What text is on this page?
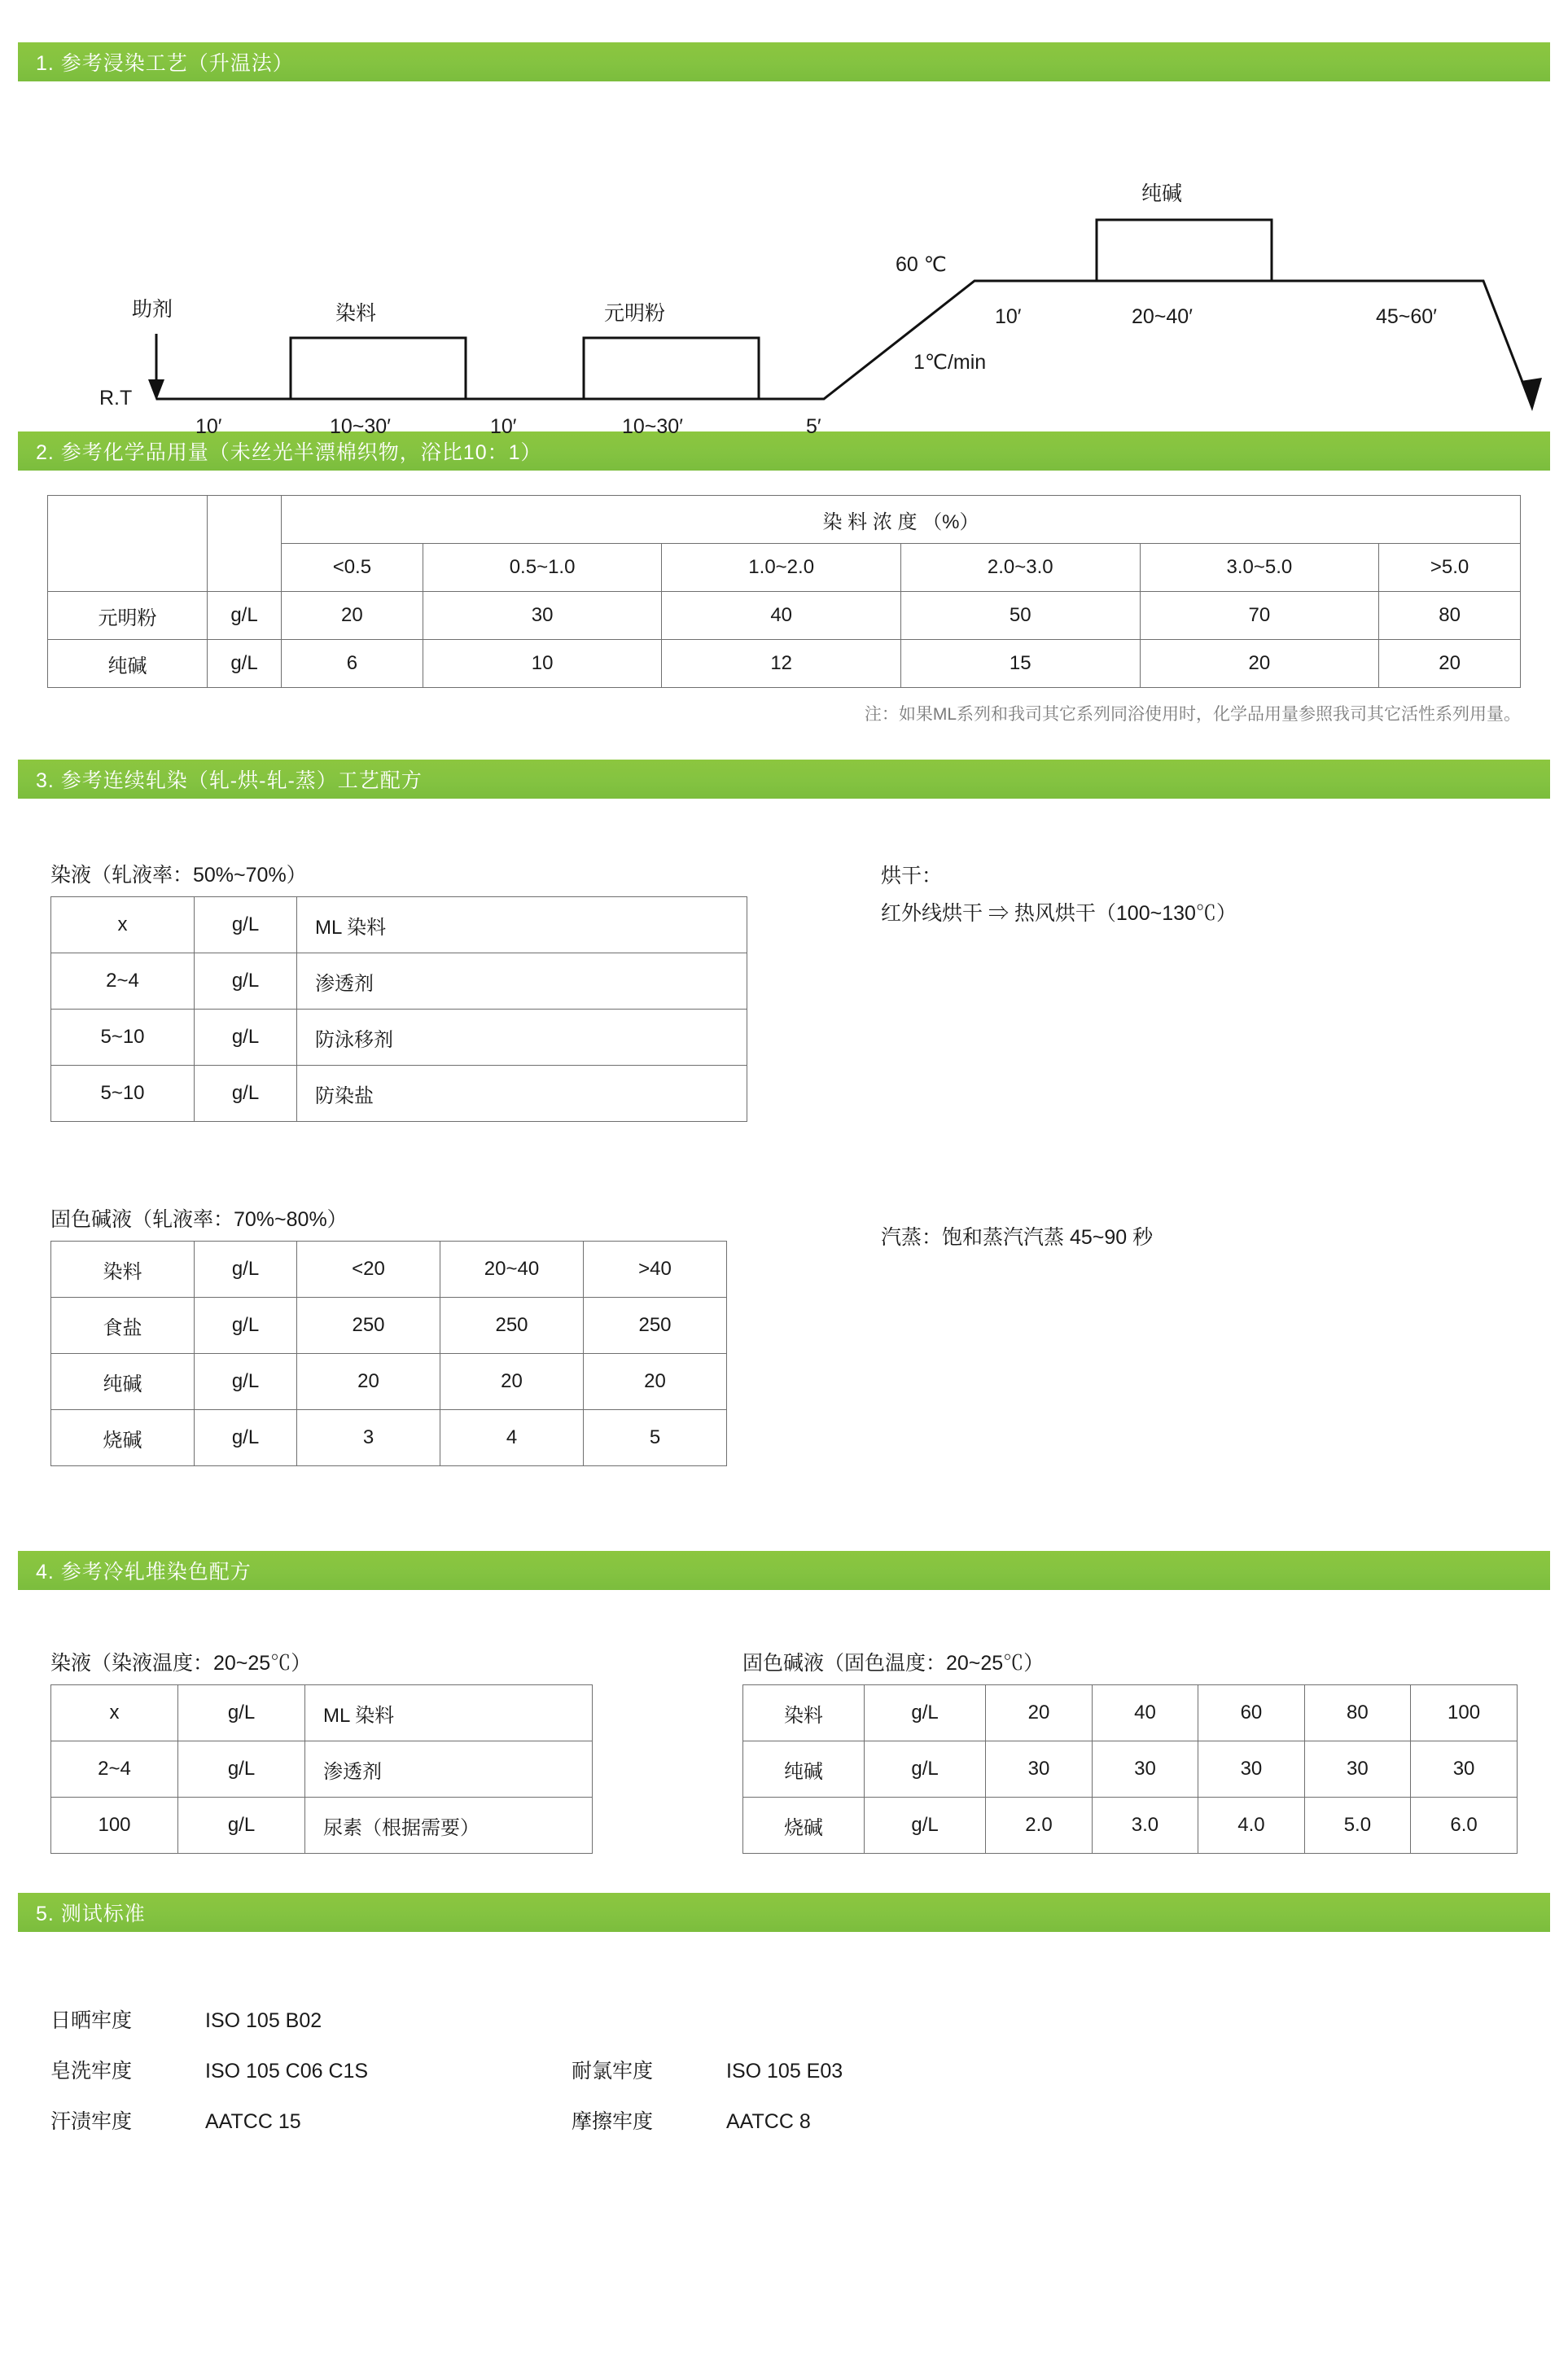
1. 参考浸染工艺（升温法）
助剂	染料	元明粉
纯碱
60 ℃
1℃/min
R.T
10′	10~30′	10′	10~30′	5′
10′	20~40′	45~60′
2. 参考化学品用量（未丝光半漂棉织物，浴比10：1）
		染 料 浓 度 （%）					
		<0.5	0.5~1.0	1.0~2.0	2.0~3.0	3.0~5.0	>5.0
元明粉	g/L	20	30	40	50	70	80
纯碱	g/L	6	10	12	15	20	20
注：如果ML系列和我司其它系列同浴使用时，化学品用量参照我司其它活性系列用量。
3. 参考连续轧染（轧-烘-轧-蒸）工艺配方
染液（轧液率：50%~70%）
x	g/L	ML 染料
2~4	g/L	渗透剂
5~10	g/L	防泳移剂
5~10	g/L	防染盐
固色碱液（轧液率：70%~80%）
染料	g/L	<20	20~40	>40
食盐	g/L	250	250	250
纯碱	g/L	20	20	20
烧碱	g/L	3	4	5
烘干：
红外线烘干 ⇒ 热风烘干（100~130℃）
汽蒸：饱和蒸汽汽蒸 45~90 秒
4. 参考冷轧堆染色配方
染液（染液温度：20~25℃）
x	g/L	ML 染料
2~4	g/L	渗透剂
100	g/L	尿素（根据需要）
固色碱液（固色温度：20~25℃）
染料	g/L	20	40	60	80	100
纯碱	g/L	30	30	30	30	30
烧碱	g/L	2.0	3.0	4.0	5.0	6.0
5. 测试标准
日晒牢度	ISO 105 B02
皂洗牢度	ISO 105 C06 C1S	耐氯牢度	ISO 105 E03
汗渍牢度	AATCC 15	摩擦牢度	AATCC 8
